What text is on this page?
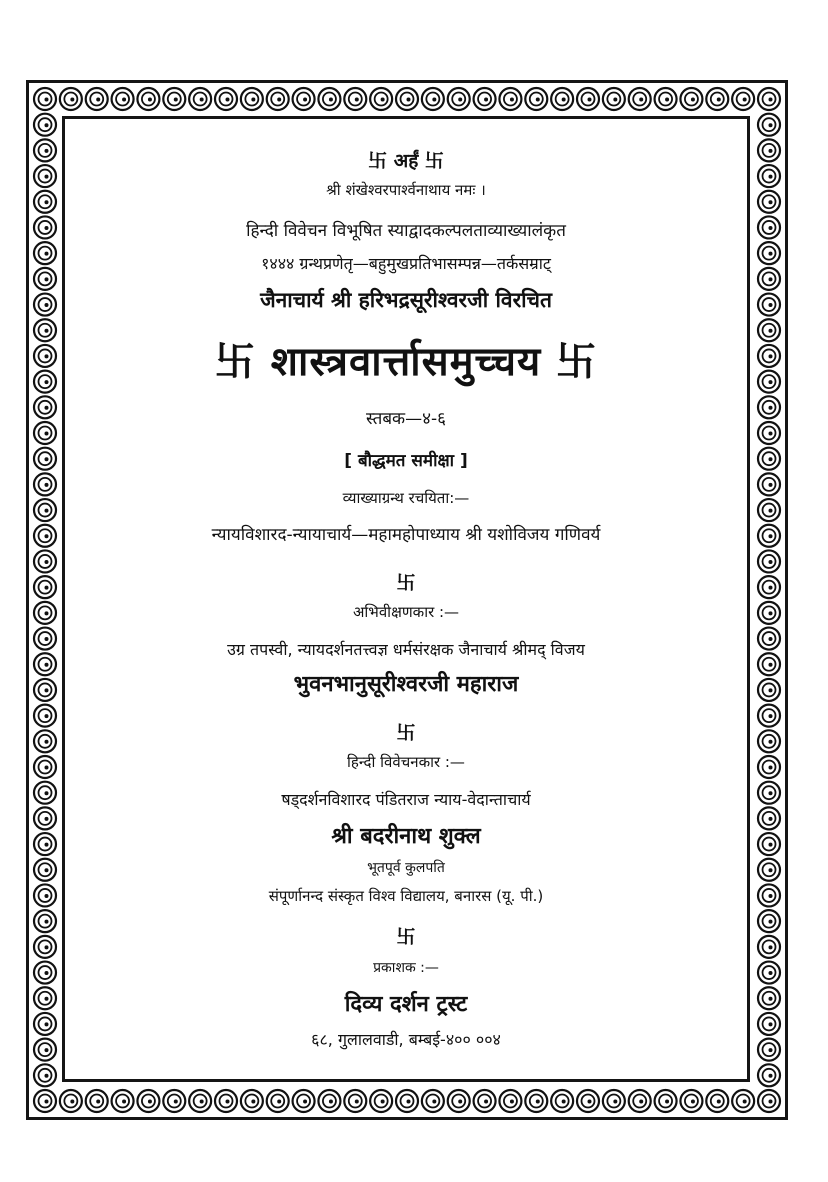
卐 अर्हं 卐
श्री शंखेश्वरपार्श्वनाथाय नमः ।
हिन्दी विवेचन विभूषित स्याद्वादकल्पलताव्याख्यालंकृत
१४४४ ग्रन्थप्रणेतृ—बहुमुखप्रतिभासम्पन्न—तर्कसम्राट्
जैनाचार्य श्री हरिभद्रसूरीश्वरजी विरचित
卐 शास्त्रवार्त्तासमुच्चय 卐
स्तबक—४-६
[ बौद्धमत समीक्षा ]
व्याख्याग्रन्थ रचयिता:—
न्यायविशारद-न्यायाचार्य—महामहोपाध्याय श्री यशोविजय गणिवर्य
卐
अभिवीक्षणकार :—
उग्र तपस्वी, न्यायदर्शनतत्त्वज्ञ धर्मसंरक्षक जैनाचार्य श्रीमद् विजय
भुवनभानुसूरीश्वरजी महाराज
卐
हिन्दी विवेचनकार :—
षड्दर्शनविशारद पंडितराज न्याय-वेदान्ताचार्य
श्री बदरीनाथ शुक्ल
भूतपूर्व कुलपति
संपूर्णानन्द संस्कृत विश्व विद्यालय, बनारस (यू. पी.)
卐
प्रकाशक :—
दिव्य दर्शन ट्रस्ट
६८, गुलालवाडी, बम्बई-४०० ००४
